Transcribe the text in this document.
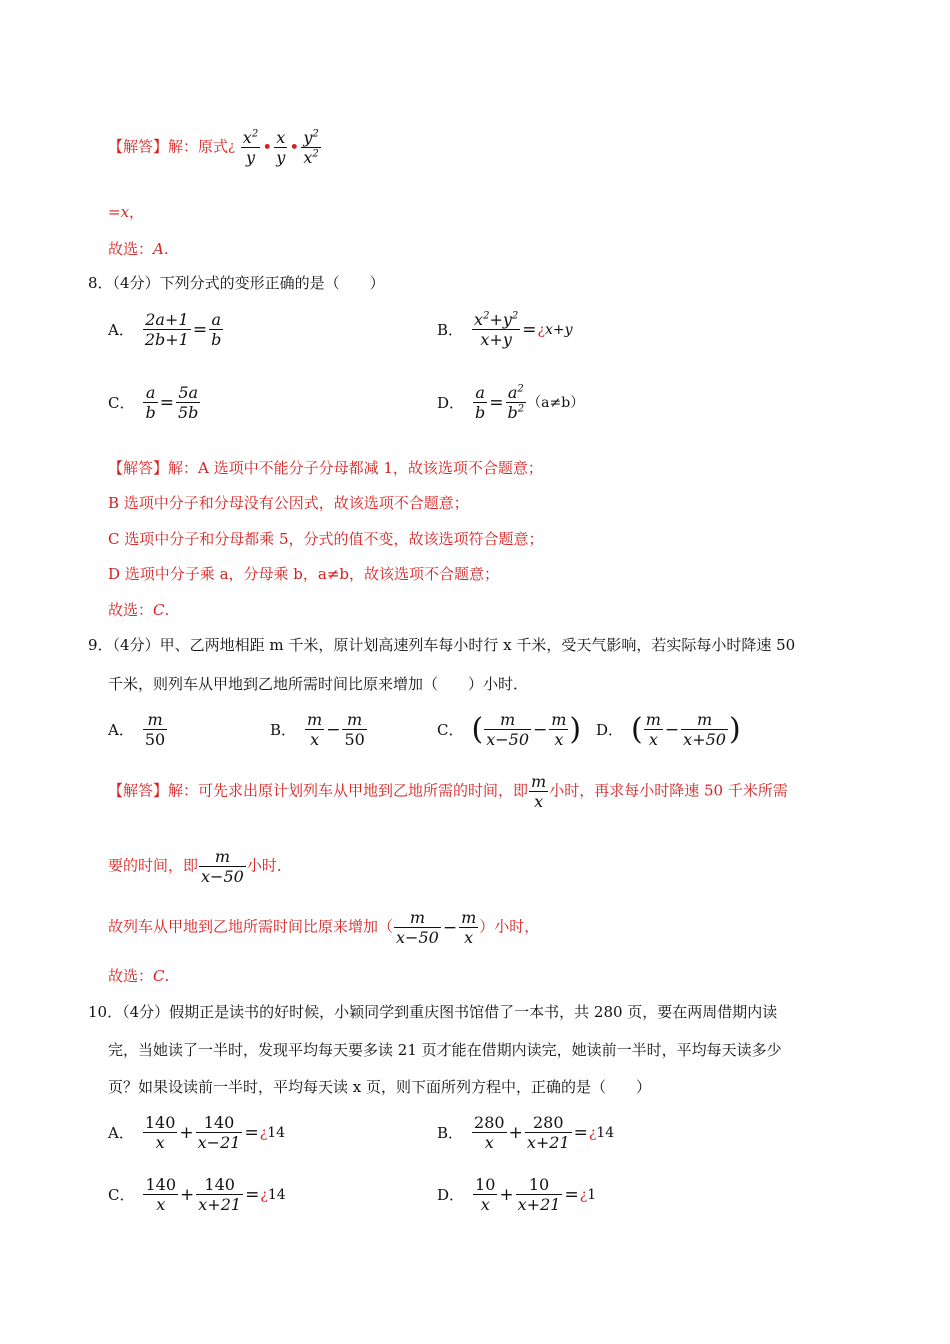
【解答】解：原式¿ $\frac{x^2}{y}$ • $\frac{x}{y}$ • $\frac{y^2}{x^2}$
=x，
故选：A.
8．（4分）下列分式的变形正确的是（　　）
A． $\frac{2a+1}{2b+1} = \frac{a}{b}$	B． $\frac{x^2+y^2}{x+y}$ =¿x+y
C． $\frac{a}{b} = \frac{5a}{5b}$	D． $\frac{a}{b} = \frac{a^2}{b^2} (a\ne b)$
【解答】解：A 选项中不能分子分母都减 1，故该选项不合题意；
B 选项中分子和分母没有公因式，故该选项不合题意；
C 选项中分子和分母都乘 5，分式的值不变，故该选项符合题意；
D 选项中分子乘 a，分母乘 b，a≠b，故该选项不合题意；
故选：C.
9．（4分）甲、乙两地相距 m 千米，原计划高速列车每小时行 x 千米，受天气影响，若实际每小时降速 50
千米，则列车从甲地到乙地所需时间比原来增加（　　）小时．
A． $\frac{m}{50}$	B． $\frac{m}{x} - \frac{m}{50}$	C． ( $\frac{m}{x-50} - \frac{m}{x}$ ) D． ( $\frac{m}{x} - \frac{m}{x+50}$ )
【解答】解：可先求出原计划列车从甲地到乙地所需的时间，即 $\frac{m}{x}$ 小时，再求每小时降速 50 千米所需
要的时间，即 $\frac{m}{x-50}$ 小时．
故列车从甲地到乙地所需时间比原来增加（ $\frac{m}{x-50} - \frac{m}{x}$ ）小时，
故选：C.
10．（4分）假期正是读书的好时候，小颖同学到重庆图书馆借了一本书，共 280 页，要在两周借期内读
完，当她读了一半时，发现平均每天要多读 21 页才能在借期内读完，她读前一半时，平均每天读多少
页？如果设读前一半时，平均每天读 x 页，则下面所列方程中，正确的是（　　）
A． $\frac{140}{x} + \frac{140}{x-21}$ =¿14	B． $\frac{280}{x} + \frac{280}{x+21}$ =¿14
C． $\frac{140}{x} + \frac{140}{x+21}$ =¿14	D． $\frac{10}{x} + \frac{10}{x+21}$ =¿1
